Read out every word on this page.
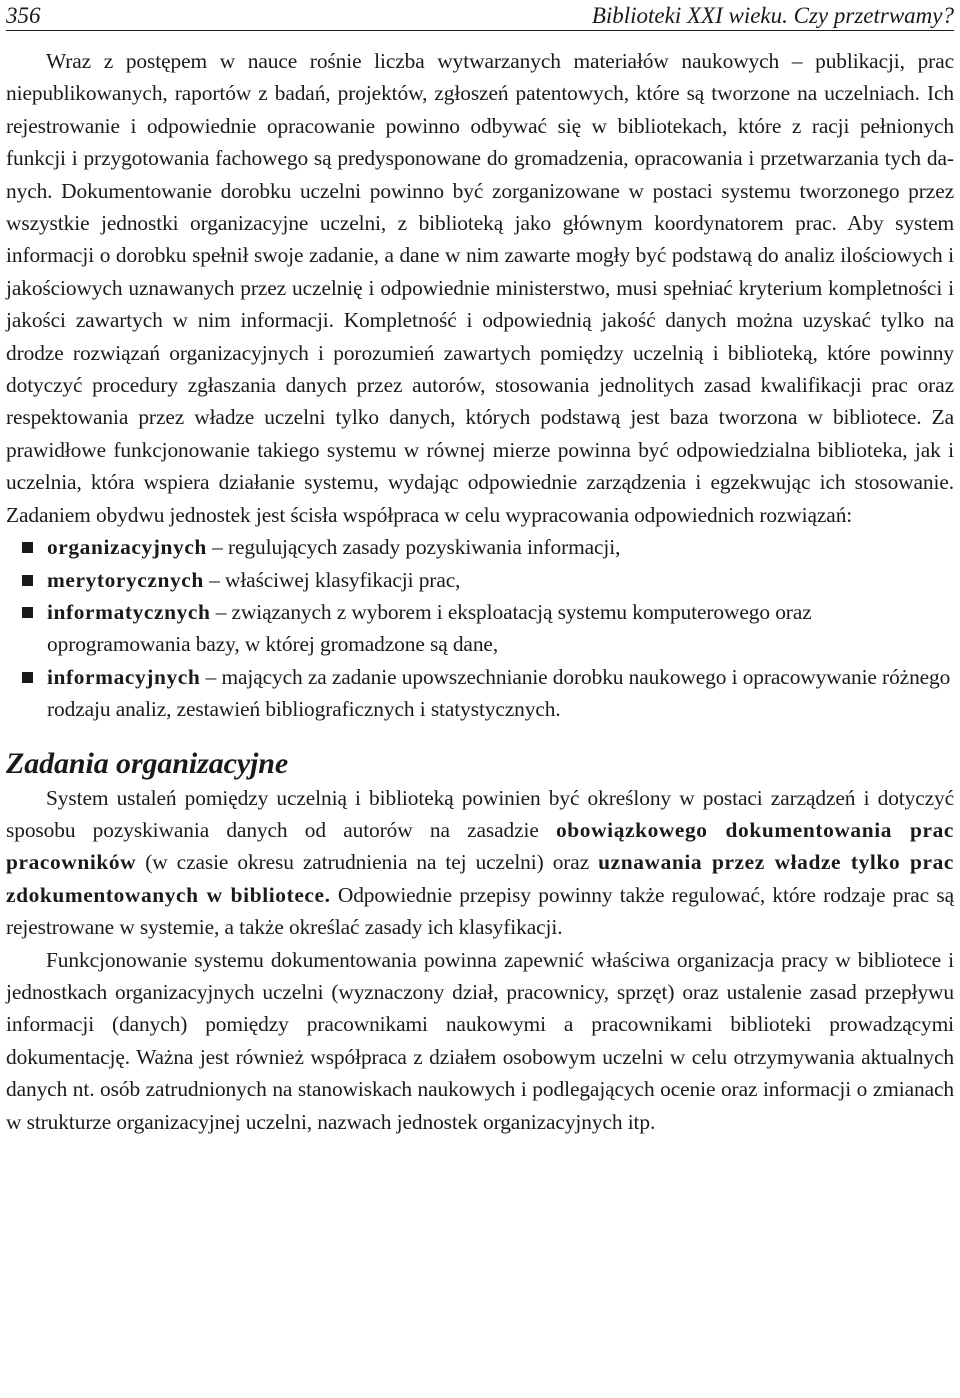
356	Biblioteki XXI wieku. Czy przetrwamy?

Wraz z postępem w nauce rośnie liczba wytwarzanych materiałów naukowych – publikacji, prac niepublikowanych, raportów z badań, projektów, zgłoszeń patentowych, które są tworzone na uczelniach. Ich rejestrowanie i odpowiednie opracowanie powinno odbywać się w bibliotekach, które z racji pełnionych funkcji i przygotowania fachowego są predysponowane do gromadzenia, opracowania i przetwarzania tych danych. Dokumentowanie dorobku uczelni powinno być zorganizowane w postaci systemu tworzonego przez wszystkie jednostki organizacyjne uczelni, z biblioteką jako głównym koordynatorem prac. Aby system informacji o dorobku spełnił swoje zadanie, a dane w nim zawarte mogły być podstawą do analiz ilościowych i jakościowych uznawanych przez uczelnię i odpowiednie ministerstwo, musi spełniać kryterium kompletności i jakości zawartych w nim informacji. Kompletność i odpowiednią jakość danych można uzyskać tylko na drodze rozwiązań organizacyjnych i porozumień zawartych pomiędzy uczelnią i biblioteką, które powinny dotyczyć procedury zgłaszania danych przez autorów, stosowania jednolitych zasad kwalifikacji prac oraz respektowania przez władze uczelni tylko danych, których podstawą jest baza tworzona w bibliotece. Za prawidłowe funkcjonowanie takiego systemu w równej mierze powinna być odpowiedzialna biblioteka, jak i uczelnia, która wspiera działanie systemu, wydając odpowiednie zarządzenia i egzekwując ich stosowanie. Zadaniem obydwu jednostek jest ścisła współpraca w celu wypracowania odpowiednich rozwiązań:

organizacyjnych – regulujących zasady pozyskiwania informacji,
merytorycznych – właściwej klasyfikacji prac,
informatycznych – związanych z wyborem i eksploatacją systemu komputerowego oraz oprogramowania bazy, w której gromadzone są dane,
informacyjnych – mających za zadanie upowszechnianie dorobku naukowego i opracowywanie różnego rodzaju analiz, zestawień bibliograficznych i statystycznych.
Zadania organizacyjne

System ustaleń pomiędzy uczelnią i biblioteką powinien być określony w postaci zarządzeń i dotyczyć sposobu pozyskiwania danych od autorów na zasadzie obowiązkowego dokumentowania prac pracowników (w czasie okresu zatrudnienia na tej uczelni) oraz uznawania przez władze tylko prac zdokumentowanych w bibliotece. Odpowiednie przepisy powinny także regulować, które rodzaje prac są rejestrowane w systemie, a także określać zasady ich klasyfikacji.

Funkcjonowanie systemu dokumentowania powinna zapewnić właściwa organizacja pracy w bibliotece i jednostkach organizacyjnych uczelni (wyznaczony dział, pracownicy, sprzęt) oraz ustalenie zasad przepływu informacji (danych) pomiędzy pracownikami naukowymi a pracownikami biblioteki prowadzącymi dokumentację. Ważna jest również współpraca z działem osobowym uczelni w celu otrzymywania aktualnych danych nt. osób zatrudnionych na stanowiskach naukowych i podlegających ocenie oraz informacji o zmianach w strukturze organizacyjnej uczelni, nazwach jednostek organizacyjnych itp.
